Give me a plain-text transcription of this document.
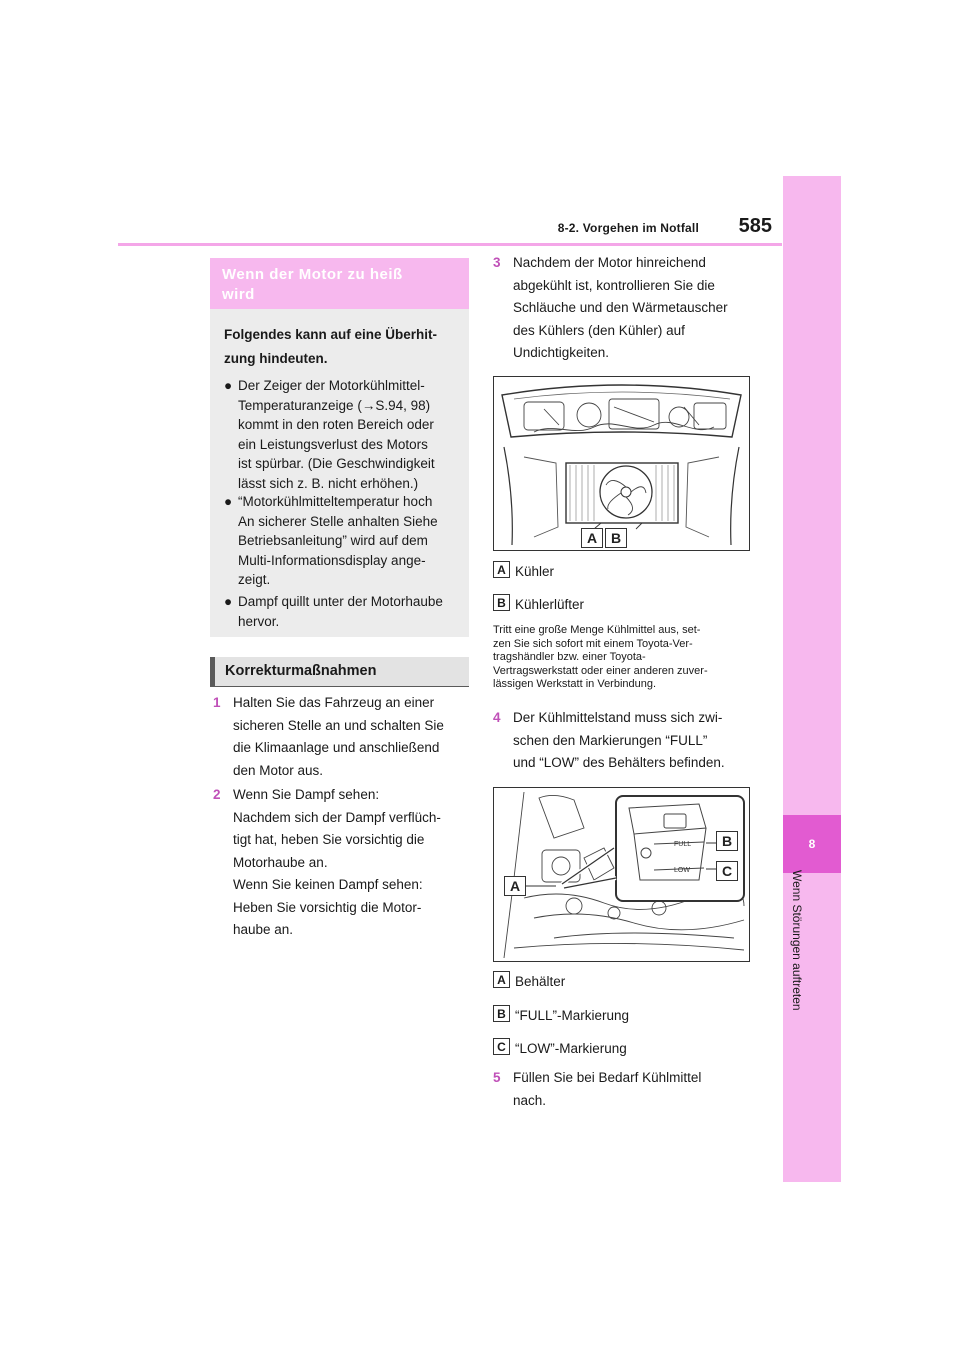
8-2. Vorgehen im Notfall	585
8
Wenn Störungen auftreten
Wenn der Motor zu heiß
wird
Folgendes kann auf eine Überhit-
zung hindeuten.
● Der Zeiger der Motorkühlmittel-
Temperaturanzeige (→S.94, 98)
kommt in den roten Bereich oder
ein Leistungsverlust des Motors
ist spürbar. (Die Geschwindigkeit
lässt sich z. B. nicht erhöhen.)
● “Motorkühlmitteltemperatur hoch
An sicherer Stelle anhalten Siehe
Betriebsanleitung” wird auf dem
Multi-Informationsdisplay ange-
zeigt.
● Dampf quillt unter der Motorhaube
hervor.
Korrekturmaßnahmen
1 Halten Sie das Fahrzeug an einer
sicheren Stelle an und schalten Sie
die Klimaanlage und anschließend
den Motor aus.
2 Wenn Sie Dampf sehen:
Nachdem sich der Dampf verflüch-
tigt hat, heben Sie vorsichtig die
Motorhaube an.
Wenn Sie keinen Dampf sehen:
Heben Sie vorsichtig die Motor-
haube an.
3 Nachdem der Motor hinreichend
abgekühlt ist, kontrollieren Sie die
Schläuche und den Wärmetauscher
des Kühlers (den Kühler) auf
Undichtigkeiten.
A B
A Kühler
B Kühlerlüfter
Tritt eine große Menge Kühlmittel aus, set-
zen Sie sich sofort mit einem Toyota-Ver-
tragshändler bzw. einer Toyota-
Vertragswerkstatt oder einer anderen zuver-
lässigen Werkstatt in Verbindung.
4 Der Kühlmittelstand muss sich zwi-
schen den Markierungen “FULL”
und “LOW” des Behälters befinden.
FULL
LOW
A
B
C
A Behälter
B “FULL”-Markierung
C “LOW”-Markierung
5 Füllen Sie bei Bedarf Kühlmittel
nach.
